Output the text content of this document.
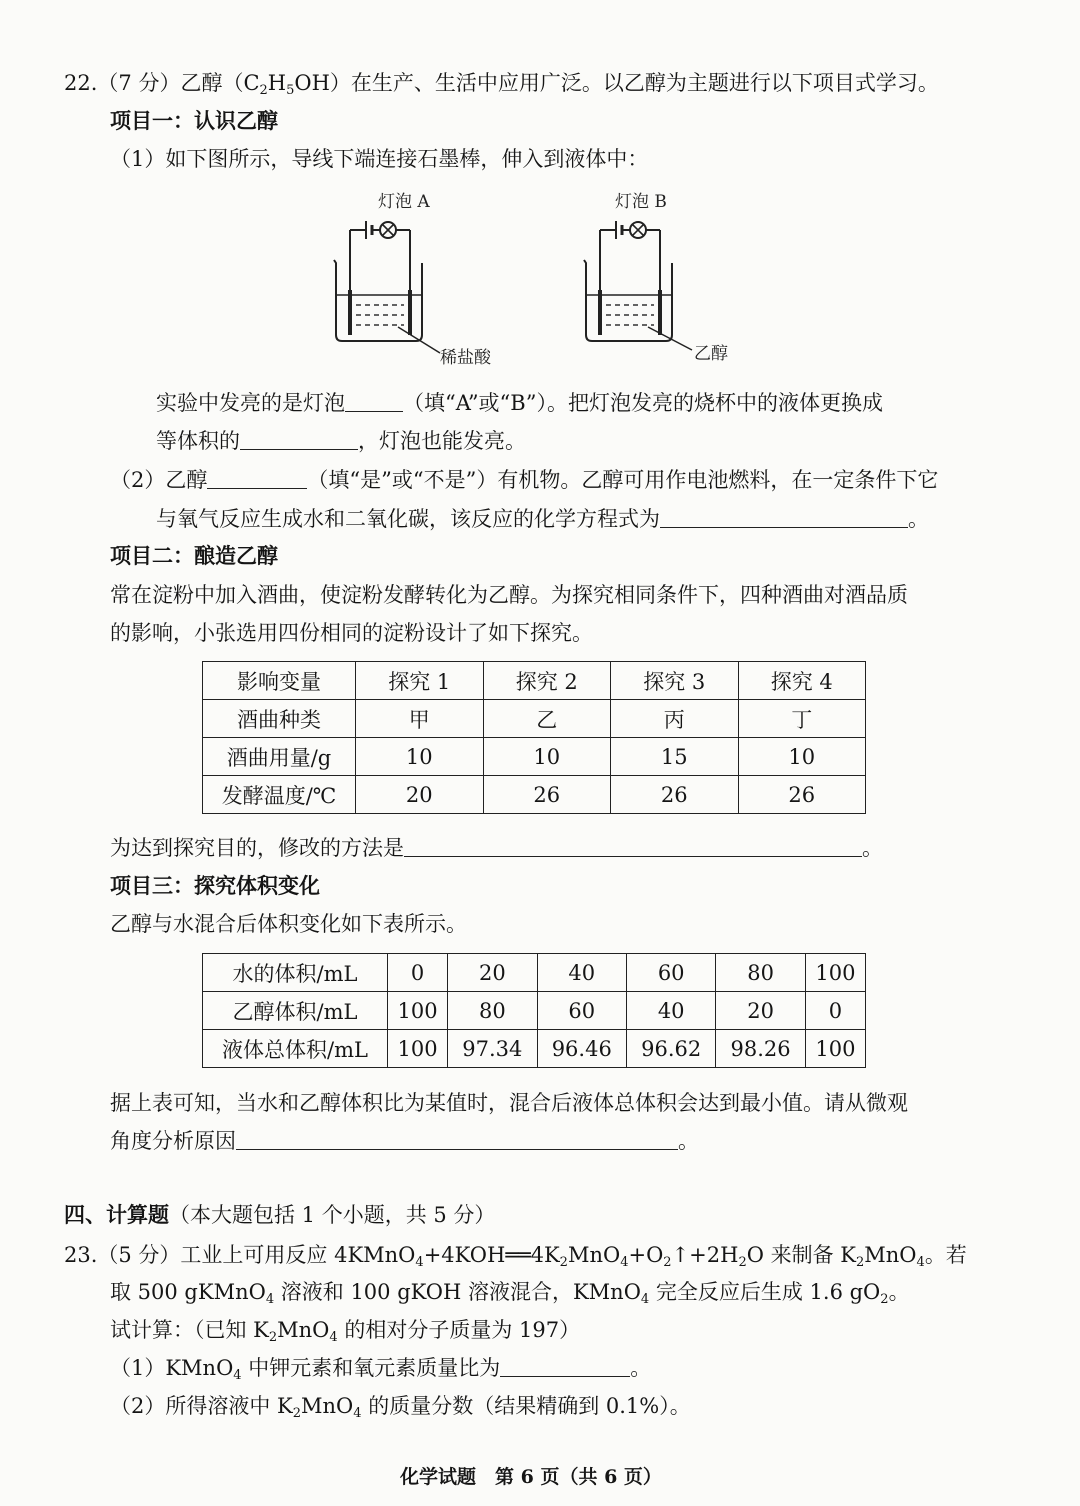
22.（7 分）乙醇$(C_2H_5OH)$在生产、生活中应用广泛。以乙醇为主题进行以下项目式学习。
项目一：认识乙醇
（1）如下图所示，导线下端连接石墨棒，伸入到液体中：
灯泡 A
稀盐酸
灯泡 B
乙醇
实验中发亮的是灯泡	（填“A”或“B”）。把灯泡发亮的烧杯中的液体更换成
等体积的	，灯泡也能发亮。
（2）乙醇	（填“是”或“不是”）有机物。乙醇可用作电池燃料，在一定条件下它
与氧气反应生成水和二氧化碳，该反应的化学方程式为	。
项目二：酿造乙醇
常在淀粉中加入酒曲，使淀粉发酵转化为乙醇。为探究相同条件下，四种酒曲对酒品质
的影响，小张选用四份相同的淀粉设计了如下探究。
影响变量	探究 1	探究 2	探究 3	探究 4
酒曲种类	甲	乙	丙	丁
酒曲用量/g	10	10	15	10
发酵温度/℃	20	26	26	26
为达到探究目的，修改的方法是	。
项目三：探究体积变化
乙醇与水混合后体积变化如下表所示。
水的体积/mL	0	20	40	60	80	100
乙醇体积/mL	100	80	60	40	20	0
液体总体积/mL	100	97.34	96.46	96.62	98.26	100
据上表可知，当水和乙醇体积比为某值时，混合后液体总体积会达到最小值。请从微观
角度分析原因	。
四、计算题（本大题包括 1 个小题，共 5 分）
23.（5 分）工业上可用反应 $4KMnO_4+4KOH══4K_2MnO_4+O_2↑+2H_2O$ 来制备 $K_2MnO_4$。若
取 500 gKMnO$_4$ 溶液和 100 gKOH 溶液混合，KMnO$_4$ 完全反应后生成 1.6 $gO_2$。
试计算：（已知 $K_2MnO_4$ 的相对分子质量为 197）
（1）KMnO$_4$ 中钾元素和氧元素质量比为	。
（2）所得溶液中 $K_2MnO_4$ 的质量分数（结果精确到 0.1%）。
化学试题　第 6 页（共 6 页）
